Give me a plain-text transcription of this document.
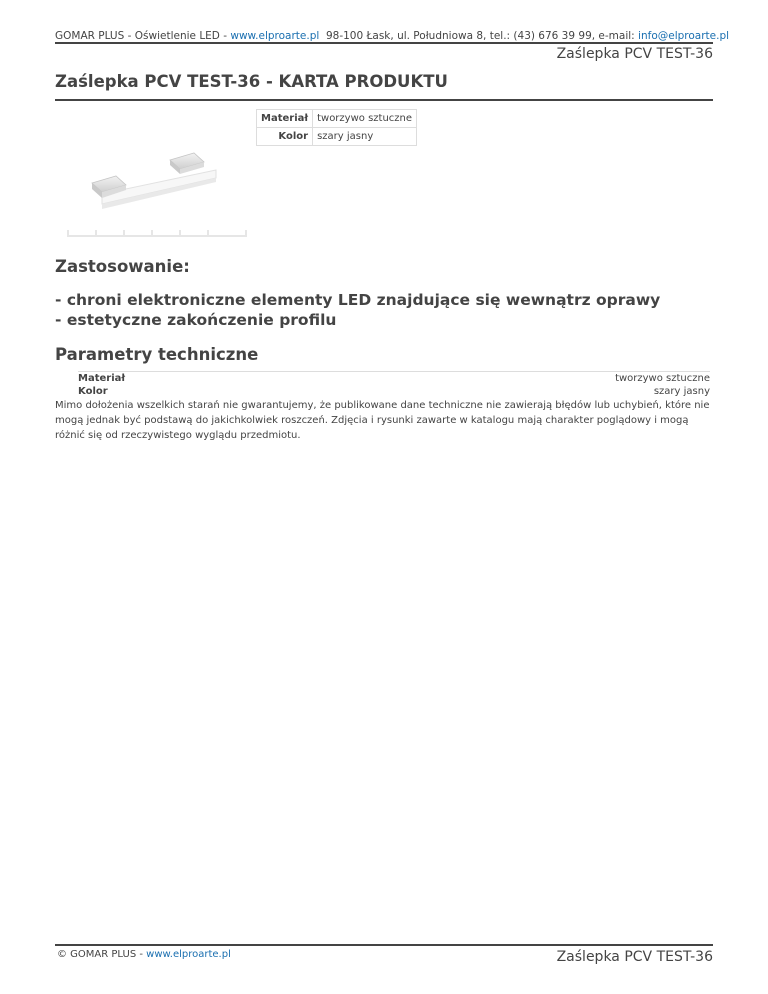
GOMAR PLUS - Oświetlenie LED - www.elproarte.pl  98-100 Łask, ul. Południowa 8, tel.: (43) 676 39 99, e-mail: info@elproarte.pl
Zaślepka PCV TEST-36
Zaślepka PCV TEST-36 - KARTA PRODUKTU
Materiał	tworzywo sztuczne
Kolor	szary jasny
Zastosowanie:
- chroni elektroniczne elementy LED znajdujące się wewnątrz oprawy
- estetyczne zakończenie profilu
Parametry techniczne
Materiał	tworzywo sztuczne
Kolor	szary jasny

Mimo dołożenia wszelkich starań nie gwarantujemy, że publikowane dane techniczne nie zawierają błędów lub uchybień, które nie mogą jednak być podstawą do jakichkolwiek roszczeń. Zdjęcia i rysunki zawarte w katalogu mają charakter poglądowy i mogą różnić się od rzeczywistego wyglądu przedmiotu.

© GOMAR PLUS - www.elproarte.pl	Zaślepka PCV TEST-36
